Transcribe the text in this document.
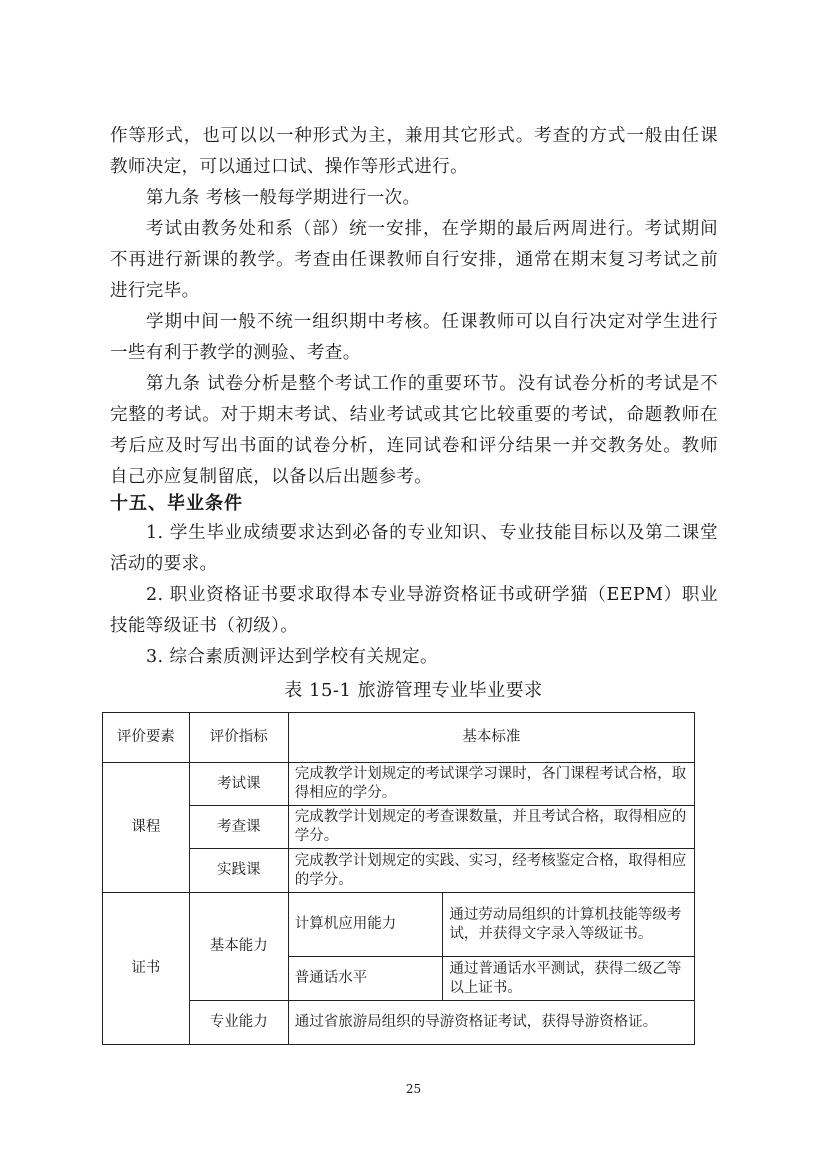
作等形式，也可以以一种形式为主，兼用其它形式。考查的方式一般由任课教师决定，可以通过口试、操作等形式进行。

第九条 考核一般每学期进行一次。

考试由教务处和系（部）统一安排，在学期的最后两周进行。考试期间不再进行新课的教学。考查由任课教师自行安排，通常在期末复习考试之前进行完毕。

学期中间一般不统一组织期中考核。任课教师可以自行决定对学生进行一些有利于教学的测验、考查。

第九条 试卷分析是整个考试工作的重要环节。没有试卷分析的考试是不完整的考试。对于期末考试、结业考试或其它比较重要的考试，命题教师在考后应及时写出书面的试卷分析，连同试卷和评分结果一并交教务处。教师自己亦应复制留底，以备以后出题参考。

十五、毕业条件

1. 学生毕业成绩要求达到必备的专业知识、专业技能目标以及第二课堂活动的要求。

2. 职业资格证书要求取得本专业导游资格证书或研学猫（EEPM）职业技能等级证书（初级）。

3. 综合素质测评达到学校有关规定。

表 15-1 旅游管理专业毕业要求
评价要素	评价指标	基本标准	
课程	考试课	完成教学计划规定的考试课学习课时，各门课程考试合格，取得相应的学分。	
	考查课	完成教学计划规定的考查课数量，并且考试合格，取得相应的学分。	
	实践课	完成教学计划规定的实践、实习，经考核鉴定合格，取得相应的学分。	
证书	基本能力	计算机应用能力	通过劳动局组织的计算机技能等级考试，并获得文字录入等级证书。
		普通话水平	通过普通话水平测试，获得二级乙等以上证书。
	专业能力	通过省旅游局组织的导游资格证考试，获得导游资格证。	
25
